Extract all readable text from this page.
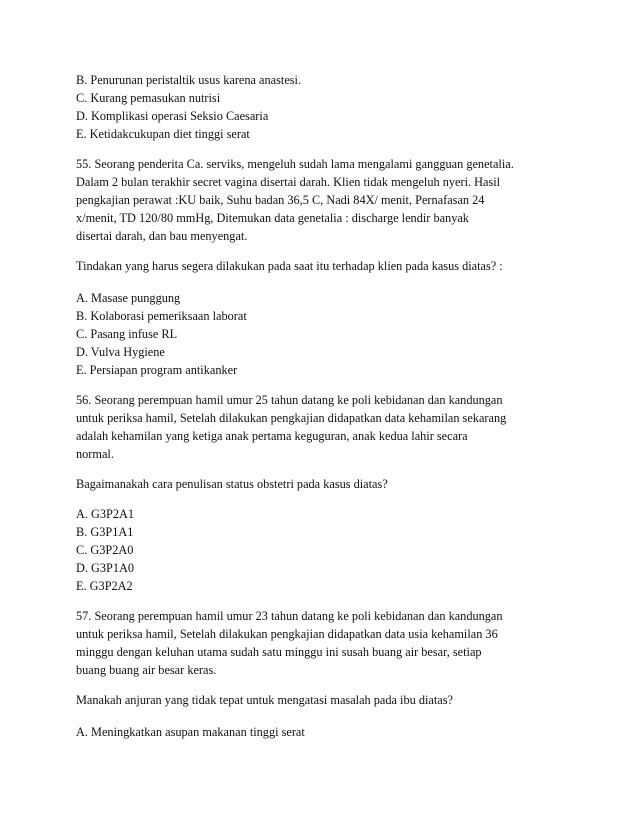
B. Penurunan peristaltik usus karena anastesi.
C. Kurang pemasukan nutrisi
D. Komplikasi operasi Seksio Caesaria
E. Ketidakcukupan diet tinggi serat
55. Seorang penderita Ca. serviks, mengeluh sudah lama mengalami gangguan genetalia.
Dalam 2 bulan terakhir secret vagina disertai darah. Klien tidak mengeluh nyeri. Hasil
pengkajian perawat :KU baik, Suhu badan 36,5 C, Nadi 84X/ menit, Pernafasan 24
x/menit, TD 120/80 mmHg, Ditemukan data genetalia : discharge lendir banyak
disertai darah, dan bau menyengat.
Tindakan yang harus segera dilakukan pada saat itu terhadap klien pada kasus diatas? :
A. Masase punggung
B. Kolaborasi pemeriksaan laborat
C. Pasang infuse RL
D. Vulva Hygiene
E. Persiapan program antikanker
56. Seorang perempuan hamil umur 25 tahun datang ke poli kebidanan dan kandungan
untuk periksa hamil, Setelah dilakukan pengkajian didapatkan data kehamilan sekarang
adalah kehamilan yang ketiga anak pertama keguguran, anak kedua lahir secara
normal.
Bagaimanakah cara penulisan status obstetri pada kasus diatas?
A. G3P2A1
B. G3P1A1
C. G3P2A0
D. G3P1A0
E. G3P2A2
57. Seorang perempuan hamil umur 23 tahun datang ke poli kebidanan dan kandungan
untuk periksa hamil, Setelah dilakukan pengkajian didapatkan data usia kehamilan 36
minggu dengan keluhan utama sudah satu minggu ini susah buang air besar, setiap
buang buang air besar keras.
Manakah anjuran yang tidak tepat untuk mengatasi masalah pada ibu diatas?
A. Meningkatkan asupan makanan tinggi serat
